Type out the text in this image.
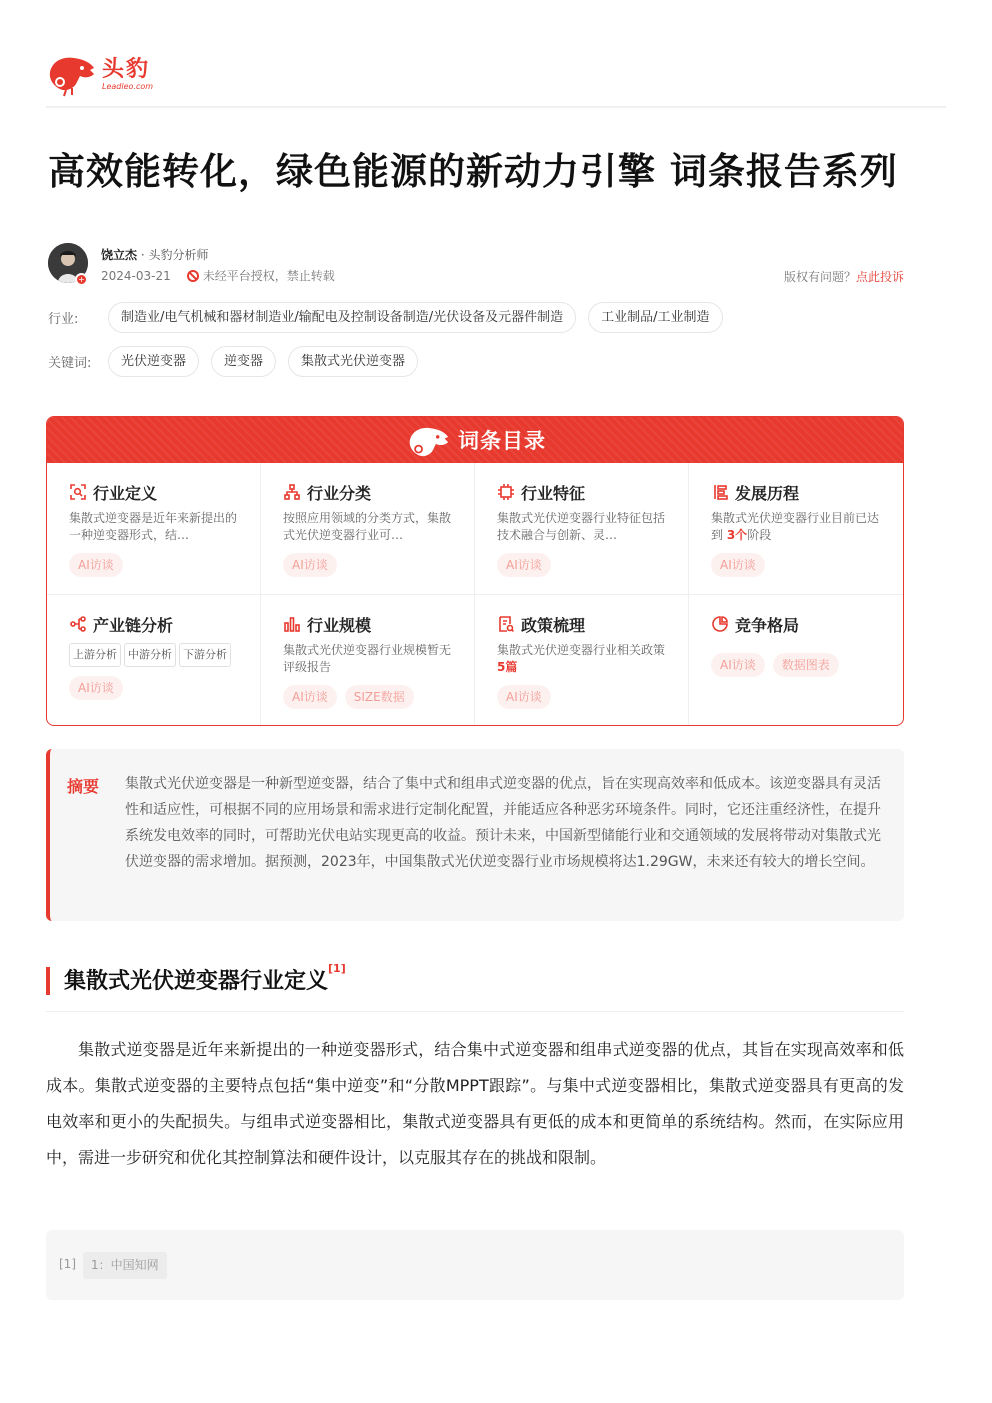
头豹
Leadleo.com
高效能转化，绿色能源的新动力引擎 词条报告系列
+
饶立杰 · 头豹分析师
2024-03-21	未经平台授权，禁止转载	版权有问题？点此投诉
行业:	制造业/电气机械和器材制造业/输配电及控制设备制造/光伏设备及元器件制造	工业制品/工业制造
关键词:	光伏逆变器	逆变器	集散式光伏逆变器
词条目录
行业定义
集散式逆变器是近年来新提出的一种逆变器形式，结…
AI访谈
行业分类
按照应用领域的分类方式，集散式光伏逆变器行业可…
AI访谈
行业特征
集散式光伏逆变器行业特征包括技术融合与创新、灵…
AI访谈
发展历程
集散式光伏逆变器行业目前已达到 3个阶段
AI访谈
产业链分析
上游分析	中游分析	下游分析
AI访谈
行业规模
集散式光伏逆变器行业规模暂无评级报告
AI访谈	SIZE数据
政策梳理
集散式光伏逆变器行业相关政策 5篇
AI访谈
竞争格局
AI访谈	数据图表
摘要 集散式光伏逆变器是一种新型逆变器，结合了集中式和组串式逆变器的优点，旨在实现高效率和低成本。该逆变器具有灵活性和适应性，可根据不同的应用场景和需求进行定制化配置，并能适应各种恶劣环境条件。同时，它还注重经济性，在提升系统发电效率的同时，可帮助光伏电站实现更高的收益。预计未来，中国新型储能行业和交通领域的发展将带动对集散式光伏逆变器的需求增加。据预测，2023年，中国集散式光伏逆变器行业市场规模将达1.29GW，未来还有较大的增长空间。
集散式光伏逆变器行业定义[1]

集散式逆变器是近年来新提出的一种逆变器形式，结合集中式逆变器和组串式逆变器的优点，其旨在实现高效率和低成本。集散式逆变器的主要特点包括“集中逆变”和“分散MPPT跟踪”。与集中式逆变器相比，集散式逆变器具有更高的发电效率和更小的失配损失。与组串式逆变器相比，集散式逆变器具有更低的成本和更简单的系统结构。然而，在实际应用中，需进一步研究和优化其控制算法和硬件设计，以克服其存在的挑战和限制。

[1]	1：中国知网
